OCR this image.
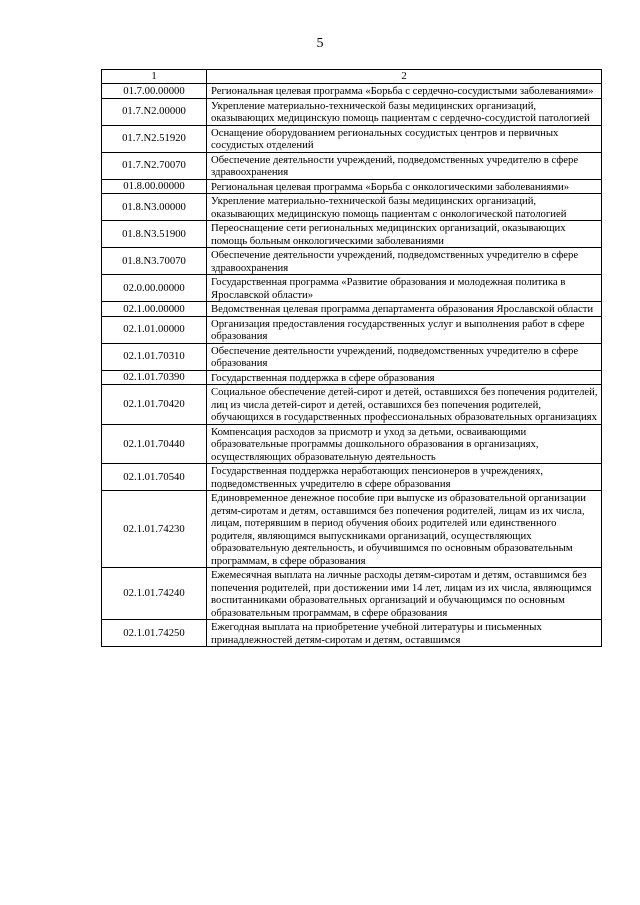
5
1	2
01.7.00.00000	Региональная целевая программа «Борьба с сердечно-сосудистыми заболеваниями»
01.7.N2.00000	Укрепление материально-технической базы медицинских организаций, оказывающих медицинскую помощь пациентам с сердечно-сосудистой патологией
01.7.N2.51920	Оснащение оборудованием региональных сосудистых центров и первичных сосудистых отделений
01.7.N2.70070	Обеспечение деятельности учреждений, подведомственных учредителю в сфере здравоохранения
01.8.00.00000	Региональная целевая программа «Борьба с онкологическими заболеваниями»
01.8.N3.00000	Укрепление материально-технической базы медицинских организаций, оказывающих медицинскую помощь пациентам с онкологической патологией
01.8.N3.51900	Переоснащение сети региональных медицинских организаций, оказывающих помощь больным онкологическими заболеваниями
01.8.N3.70070	Обеспечение деятельности учреждений, подведомственных учредителю в сфере здравоохранения
02.0.00.00000	Государственная программа «Развитие образования и молодежная политика в Ярославской области»
02.1.00.00000	Ведомственная целевая программа департамента образования Ярославской области
02.1.01.00000	Организация предоставления государственных услуг и выполнения работ в сфере образования
02.1.01.70310	Обеспечение деятельности учреждений, подведомственных учредителю в сфере образования
02.1.01.70390	Государственная поддержка в сфере образования
02.1.01.70420	Социальное обеспечение детей-сирот и детей, оставшихся без попечения родителей, лиц из числа детей-сирот и детей, оставшихся без попечения родителей, обучающихся в государственных профессиональных образовательных организациях
02.1.01.70440	Компенсация расходов за присмотр и уход за детьми, осваивающими образовательные программы дошкольного образования в организациях, осуществляющих образовательную деятельность
02.1.01.70540	Государственная поддержка неработающих пенсионеров в учреждениях, подведомственных учредителю в сфере образования
02.1.01.74230	Единовременное денежное пособие при выпуске из образовательной организации детям-сиротам и детям, оставшимся без попечения родителей, лицам из их числа, лицам, потерявшим в период обучения обоих родителей или единственного родителя, являющимся выпускниками организаций, осуществляющих образовательную деятельность, и обучившимся по основным образовательным программам, в сфере образования
02.1.01.74240	Ежемесячная выплата на личные расходы детям-сиротам и детям, оставшимся без попечения родителей, при достижении ими 14 лет, лицам из их числа, являющимся воспитанниками образовательных организаций и обучающимся по основным образовательным программам, в сфере образования
02.1.01.74250	Ежегодная выплата на приобретение учебной литературы и письменных принадлежностей детям-сиротам и детям, оставшимся
